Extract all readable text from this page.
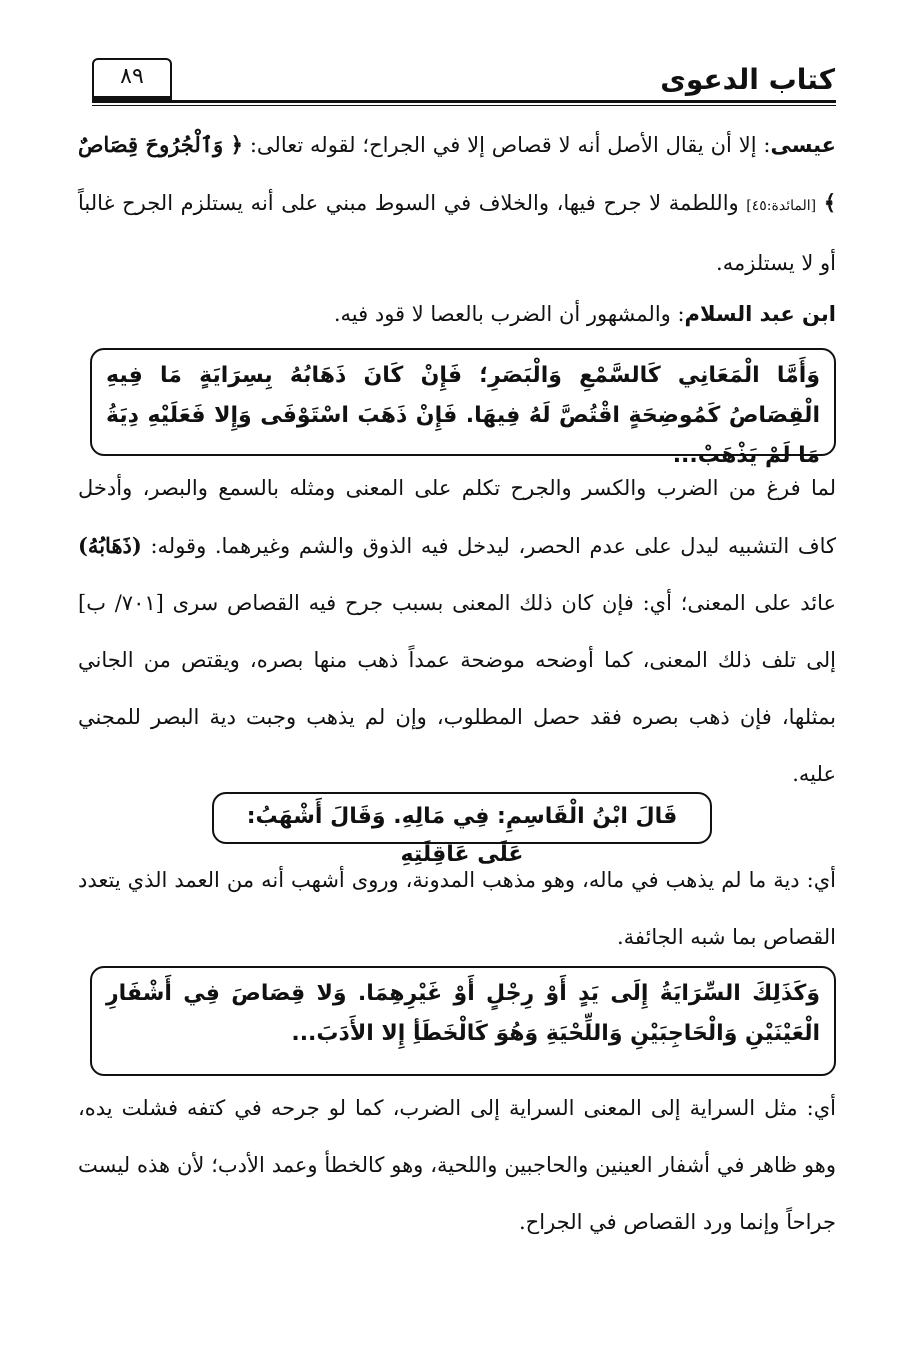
٨٩	كتاب الدعوى
عيسى: إلا أن يقال الأصل أنه لا قصاص إلا في الجراح؛ لقوله تعالى: ﴿ وَٱلْجُرُوحَ قِصَاصٌ ﴾ [المائدة:٤٥] واللطمة لا جرح فيها، والخلاف في السوط مبني على أنه يستلزم الجرح غالباً أو لا يستلزمه.
ابن عبد السلام: والمشهور أن الضرب بالعصا لا قود فيه.
وَأَمَّا الْمَعَانِي كَالسَّمْعِ وَالْبَصَرِ؛ فَإِنْ كَانَ ذَهَابُهُ بِسِرَايَةٍ مَا فِيهِ الْقِصَاصُ كَمُوضِحَةٍ اقْتُصَّ لَهُ فِيهَا. فَإِنْ ذَهَبَ اسْتَوْفَى وَإِلا فَعَلَيْهِ دِيَةُ مَا لَمْ يَذْهَبْ...
لما فرغ من الضرب والكسر والجرح تكلم على المعنى ومثله بالسمع والبصر، وأدخل كاف التشبيه ليدل على عدم الحصر، ليدخل فيه الذوق والشم وغيرهما. وقوله: (ذَهَابُهُ) عائد على المعنى؛ أي: فإن كان ذلك المعنى بسبب جرح فيه القصاص سرى [٧٠١/ ب] إلى تلف ذلك المعنى، كما أوضحه موضحة عمداً ذهب منها بصره، ويقتص من الجاني بمثلها، فإن ذهب بصره فقد حصل المطلوب، وإن لم يذهب وجبت دية البصر للمجني عليه.
قَالَ ابْنُ الْقَاسِمِ: فِي مَالِهِ. وَقَالَ أَشْهَبُ: عَلَى عَاقِلَتِهِ
أي: دية ما لم يذهب في ماله، وهو مذهب المدونة، وروى أشهب أنه من العمد الذي يتعدد القصاص بما شبه الجائفة.
وَكَذَلِكَ السِّرَايَةُ إِلَى يَدٍ أَوْ رِجْلٍ أَوْ غَيْرِهِمَا. وَلا قِصَاصَ فِي أَشْفَارِ الْعَيْنَيْنِ وَالْحَاجِبَيْنِ وَاللِّحْيَةِ وَهُوَ كَالْخَطَأِ إِلا الأَدَبَ...
أي: مثل السراية إلى المعنى السراية إلى الضرب، كما لو جرحه في كتفه فشلت يده، وهو ظاهر في أشفار العينين والحاجبين واللحية، وهو كالخطأ وعمد الأدب؛ لأن هذه ليست جراحاً وإنما ورد القصاص في الجراح.
